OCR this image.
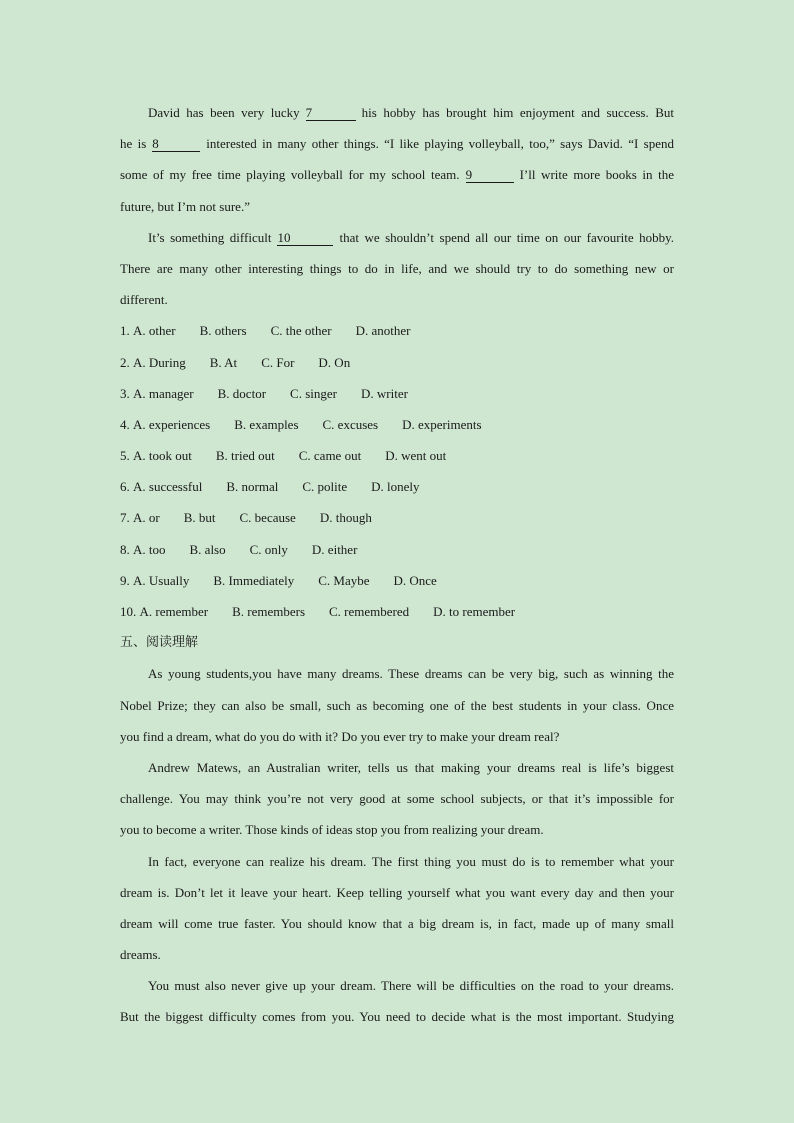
David has been very lucky 7	his hobby has brought him enjoyment and success. But
he is 8	interested in many other things. “I like playing volleyball, too,” says David. “I spend
some of my free time playing volleyball for my school team. 9	I’ll write more books in the
future, but I’m not sure.”
It’s something difficult 10	that we shouldn’t spend all our time on our favourite hobby.
There are many other interesting things to do in life, and we should try to do something new or
different.
1. A. other B. others C. the other D. another
2. A. During B. At C. For D. On
3. A. manager B. doctor C. singer D. writer
4. A. experiences B. examples C. excuses D. experiments
5. A. took out B. tried out C. came out D. went out
6. A. successful B. normal C. polite D. lonely
7. A. or B. but C. because D. though
8. A. too B. also C. only D. either
9. A. Usually B. Immediately C. Maybe D. Once
10. A. remember B. remembers C. remembered D. to remember
五、阅读理解
As young students,you have many dreams. These dreams can be very big, such as winning the
Nobel Prize; they can also be small, such as becoming one of the best students in your class. Once
you find a dream, what do you do with it? Do you ever try to make your dream real?
Andrew Matews, an Australian writer, tells us that making your dreams real is life’s biggest
challenge. You may think you’re not very good at some school subjects, or that it’s impossible for
you to become a writer. Those kinds of ideas stop you from realizing your dream.
In fact, everyone can realize his dream. The first thing you must do is to remember what your
dream is. Don’t let it leave your heart. Keep telling yourself what you want every day and then your
dream will come true faster. You should know that a big dream is, in fact, made up of many small
dreams.
You must also never give up your dream. There will be difficulties on the road to your dreams.
But the biggest difficulty comes from you. You need to decide what is the most important. Studying
